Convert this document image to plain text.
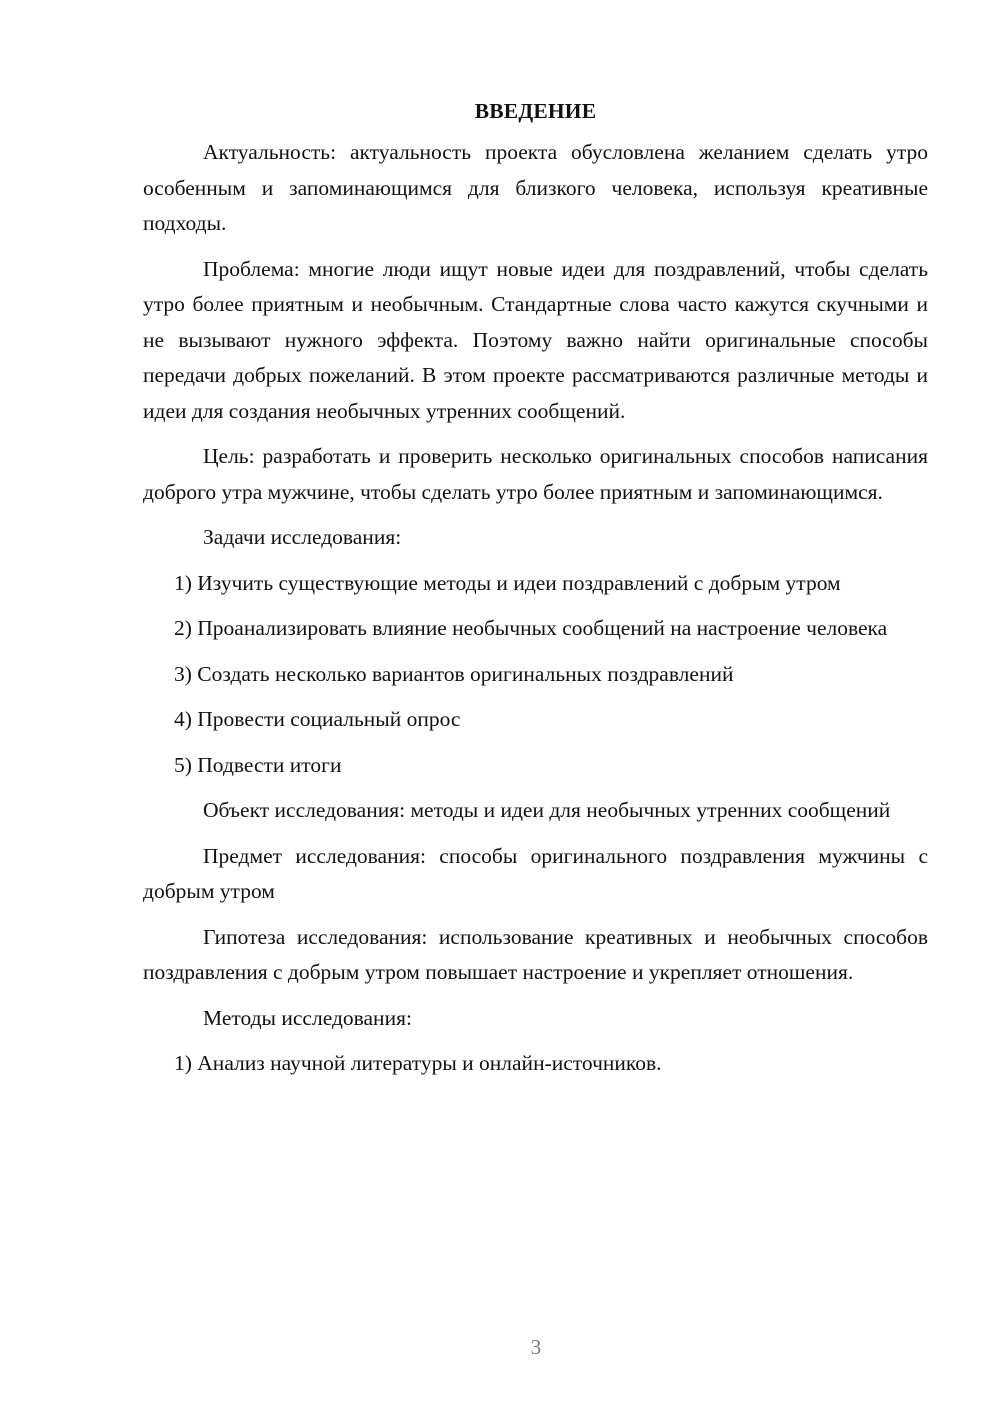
ВВЕДЕНИЕ

Актуальность: актуальность проекта обусловлена желанием сделать утро особенным и запоминающимся для близкого человека, используя креативные подходы.

Проблема: многие люди ищут новые идеи для поздравлений, чтобы сделать утро более приятным и необычным. Стандартные слова часто кажутся скучными и не вызывают нужного эффекта. Поэтому важно найти оригинальные способы передачи добрых пожеланий. В этом проекте рассматриваются различные методы и идеи для создания необычных утренних сообщений.

Цель: разработать и проверить несколько оригинальных способов написания доброго утра мужчине, чтобы сделать утро более приятным и запоминающимся.

Задачи исследования:

1) Изучить существующие методы и идеи поздравлений с добрым утром

2) Проанализировать влияние необычных сообщений на настроение человека

3) Создать несколько вариантов оригинальных поздравлений

4) Провести социальный опрос

5) Подвести итоги

Объект исследования: методы и идеи для необычных утренних сообщений

Предмет исследования: способы оригинального поздравления мужчины с добрым утром

Гипотеза исследования: использование креативных и необычных способов поздравления с добрым утром повышает настроение и укрепляет отношения.

Методы исследования:

1) Анализ научной литературы и онлайн-источников.

3
